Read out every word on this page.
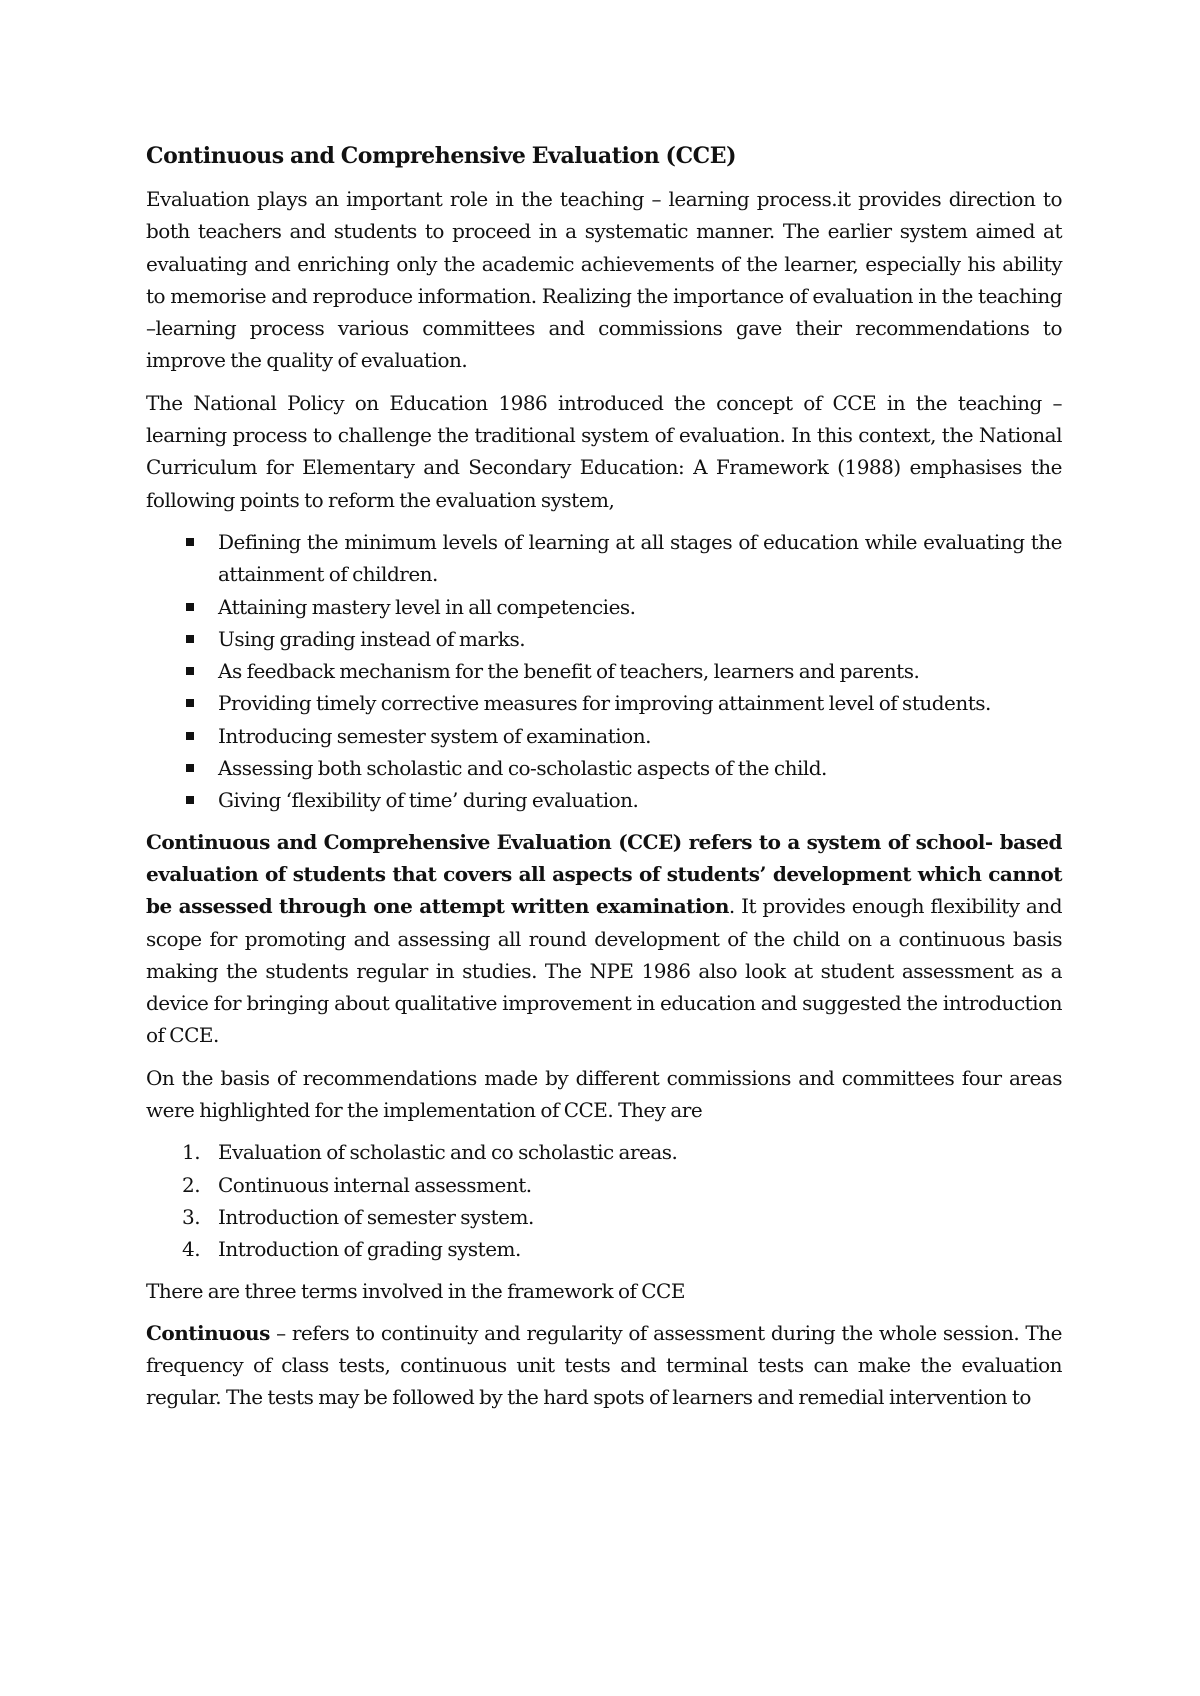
Continuous and Comprehensive Evaluation (CCE)

Evaluation plays an important role in the teaching – learning process.it provides direction to both teachers and students to proceed in a systematic manner. The earlier system aimed at evaluating and enriching only the academic achievements of the learner, especially his ability to memorise and reproduce information. Realizing the importance of evaluation in the teaching –learning process various committees and commissions gave their recommendations to improve the quality of evaluation.

The National Policy on Education 1986 introduced the concept of CCE in the teaching – learning process to challenge the traditional system of evaluation. In this context, the National Curriculum for Elementary and Secondary Education: A Framework (1988) emphasises the following points to reform the evaluation system,

Defining the minimum levels of learning at all stages of education while evaluating the attainment of children.
Attaining mastery level in all competencies.
Using grading instead of marks.
As feedback mechanism for the benefit of teachers, learners and parents.
Providing timely corrective measures for improving attainment level of students.
Introducing semester system of examination.
Assessing both scholastic and co-scholastic aspects of the child.
Giving ‘flexibility of time’ during evaluation.

Continuous and Comprehensive Evaluation (CCE) refers to a system of school- based evaluation of students that covers all aspects of students’ development which cannot be assessed through one attempt written examination. It provides enough flexibility and scope for promoting and assessing all round development of the child on a continuous basis making the students regular in studies. The NPE 1986 also look at student assessment as a device for bringing about qualitative improvement in education and suggested the introduction of CCE.

On the basis of recommendations made by different commissions and committees four areas were highlighted for the implementation of CCE. They are

1. Evaluation of scholastic and co scholastic areas.
2. Continuous internal assessment.
3. Introduction of semester system.
4. Introduction of grading system.

There are three terms involved in the framework of CCE

Continuous – refers to continuity and regularity of assessment during the whole session. The frequency of class tests, continuous unit tests and terminal tests can make the evaluation regular. The tests may be followed by the hard spots of learners and remedial intervention to
